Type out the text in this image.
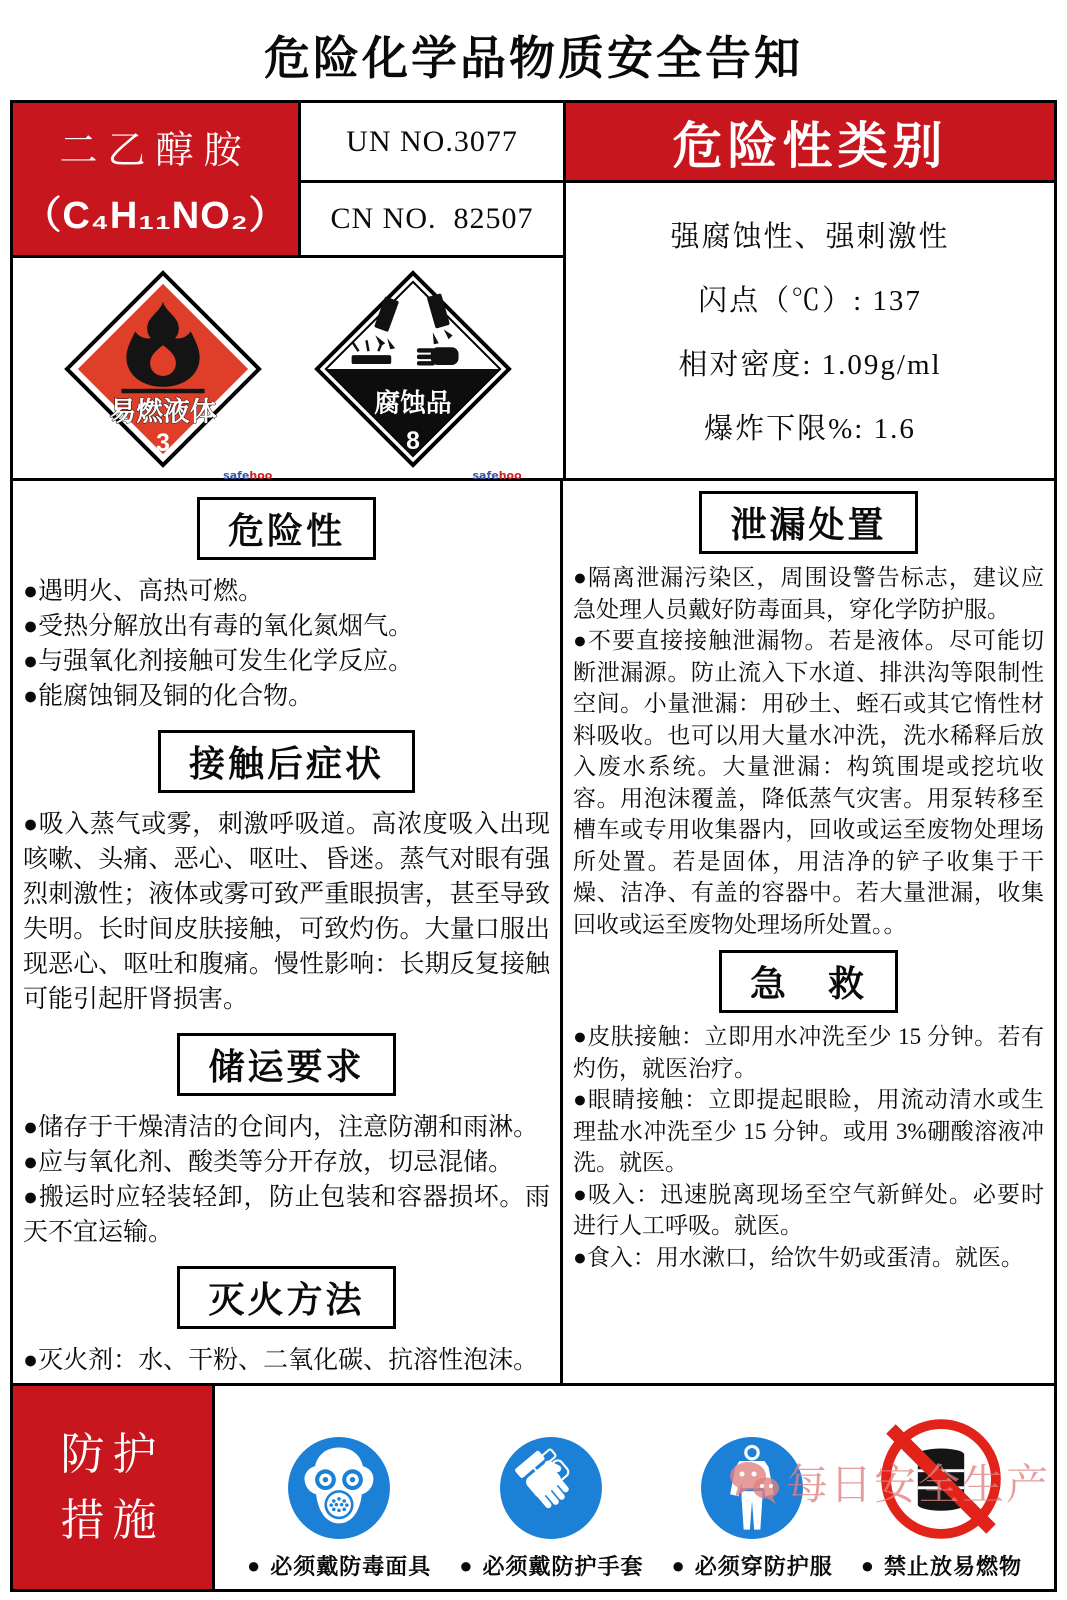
危险化学品物质安全告知
二乙醇胺
（C₄H₁₁NO₂）
UN NO.3077
CN NO.  82507
危险性类别
强腐蚀性、强刺激性
闪点（℃）: 137
相对密度: 1.09g/ml
爆炸下限%: 1.6
易燃液体
3
safehoo
腐蚀品
8
safehoo
危险性

●遇明火、高热可燃。

●受热分解放出有毒的氧化氮烟气。

●与强氧化剂接触可发生化学反应。

●能腐蚀铜及铜的化合物。

接触后症状

●吸入蒸气或雾，刺激呼吸道。高浓度吸入出现咳嗽、头痛、恶心、呕吐、昏迷。蒸气对眼有强烈刺激性；液体或雾可致严重眼损害，甚至导致失明。长时间皮肤接触，可致灼伤。大量口服出现恶心、呕吐和腹痛。慢性影响：长期反复接触可能引起肝肾损害。

储运要求

●储存于干燥清洁的仓间内，注意防潮和雨淋。

●应与氧化剂、酸类等分开存放，切忌混储。

●搬运时应轻装轻卸，防止包装和容器损坏。雨天不宜运输。

灭火方法

●灭火剂：水、干粉、二氧化碳、抗溶性泡沫。

泄漏处置

●隔离泄漏污染区，周围设警告标志，建议应急处理人员戴好防毒面具，穿化学防护服。

●不要直接接触泄漏物。若是液体。尽可能切断泄漏源。防止流入下水道、排洪沟等限制性空间。小量泄漏：用砂土、蛭石或其它惰性材料吸收。也可以用大量水冲洗，洗水稀释后放入废水系统。大量泄漏：构筑围堤或挖坑收容。用泡沫覆盖，降低蒸气灾害。用泵转移至槽车或专用收集器内，回收或运至废物处理场所处置。若是固体，用洁净的铲子收集于干燥、洁净、有盖的容器中。若大量泄漏，收集回收或运至废物处理场所处置。。

急　救

●皮肤接触：立即用水冲洗至少 15 分钟。若有灼伤，就医治疗。

●眼睛接触：立即提起眼睑，用流动清水或生理盐水冲洗至少 15 分钟。或用 3%硼酸溶液冲洗。就医。

●吸入：迅速脱离现场至空气新鲜处。必要时进行人工呼吸。就医。

●食入：用水漱口，给饮牛奶或蛋清。就医。

防护
措施
● 必须戴防毒面具 ● 必须戴防护手套 ● 必须穿防护服 ● 禁止放易燃物
每日安全生产
